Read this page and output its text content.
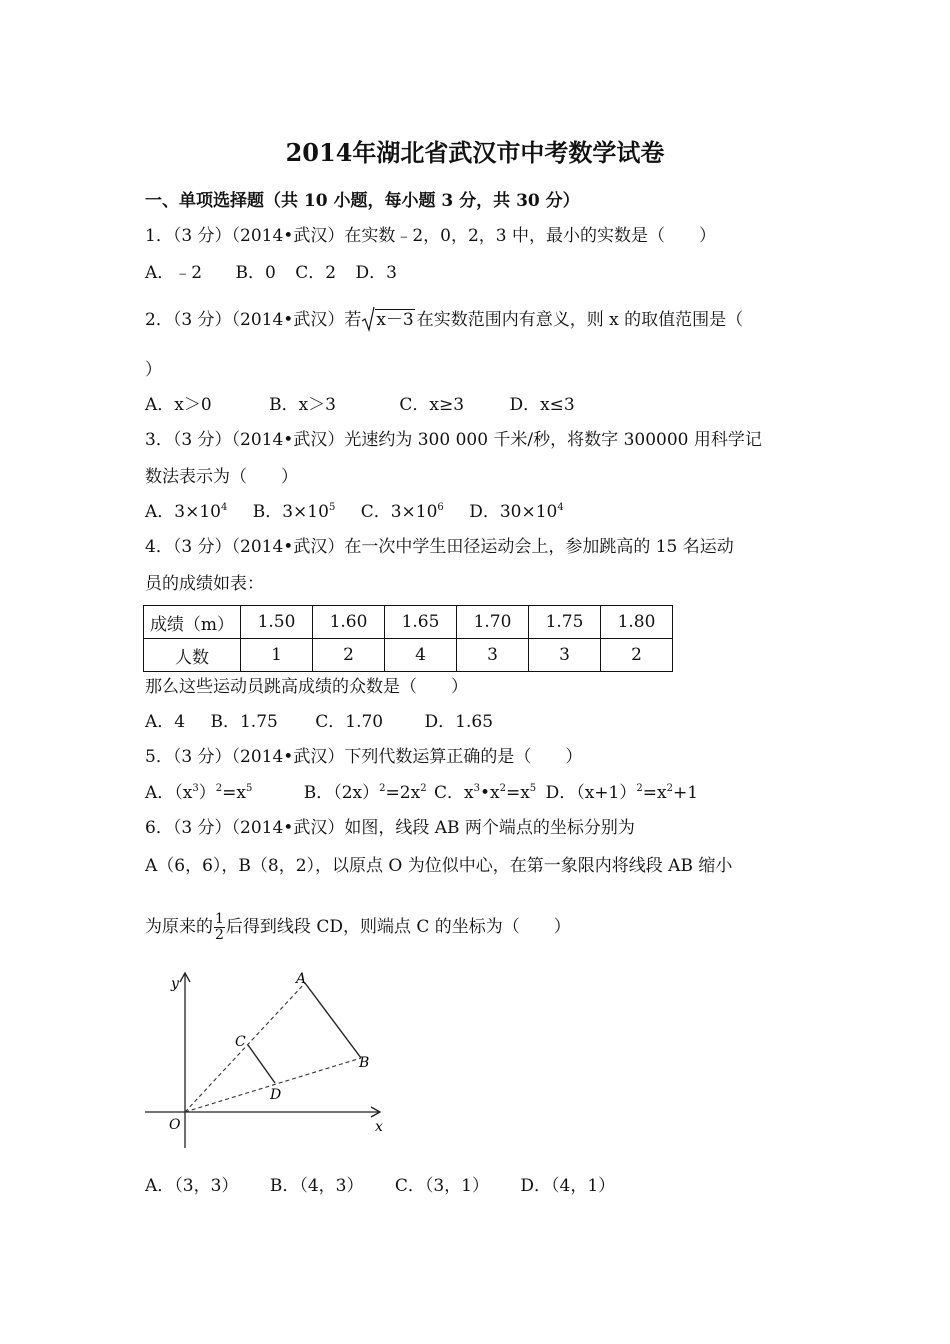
2014年湖北省武汉市中考数学试卷
一、单项选择题（共 10 小题，每小题 3 分，共 30 分）
1．（3 分）（2014•武汉）在实数﹣2，0，2，3 中，最小的实数是（　　）
A．﹣2 B．0 C．2 D．3
2．（3 分）（2014•武汉）若 x－3 在实数范围内有意义，则 x 的取值范围是（
）
A．x＞0	B．x＞3	C．x≥3	D．x≤3
3．（3 分）（2014•武汉）光速约为 300 000 千米/秒，将数字 300000 用科学记
数法表示为（　　）
A．$3\times 10^4$ B．$3\times 10^5$ C．$3\times 10^6$ D．$30\times 10^4$
4．（3 分）（2014•武汉）在一次中学生田径运动会上，参加跳高的 15 名运动
员的成绩如表：
成绩（m）	1.50	1.60	1.65	1.70	1.75	1.80
人数	1	2	4	3	3	2
那么这些运动员跳高成绩的众数是（　　）
A．4 B．1.75 C．1.70 D．1.65
5．（3 分）（2014•武汉）下列代数运算正确的是（　　）
A．$(x^3)^2=x^5$	B．$(2x)^2=2x^2$ C．$x^3•x^2=x^5$ D．$(x+1)^2=x^2+1$
6．（3 分）（2014•武汉）如图，线段 AB 两个端点的坐标分别为
A（6，6），B（8，2），以原点 O 为位似中心，在第一象限内将线段 AB 缩小
为原来的 $\frac{1}{2}$ 后得到线段 CD，则端点 C 的坐标为（　　）
y
x
O
A
B
C
D
A．（3，3） B．（4，3） C．（3，1） D．（4，1）
